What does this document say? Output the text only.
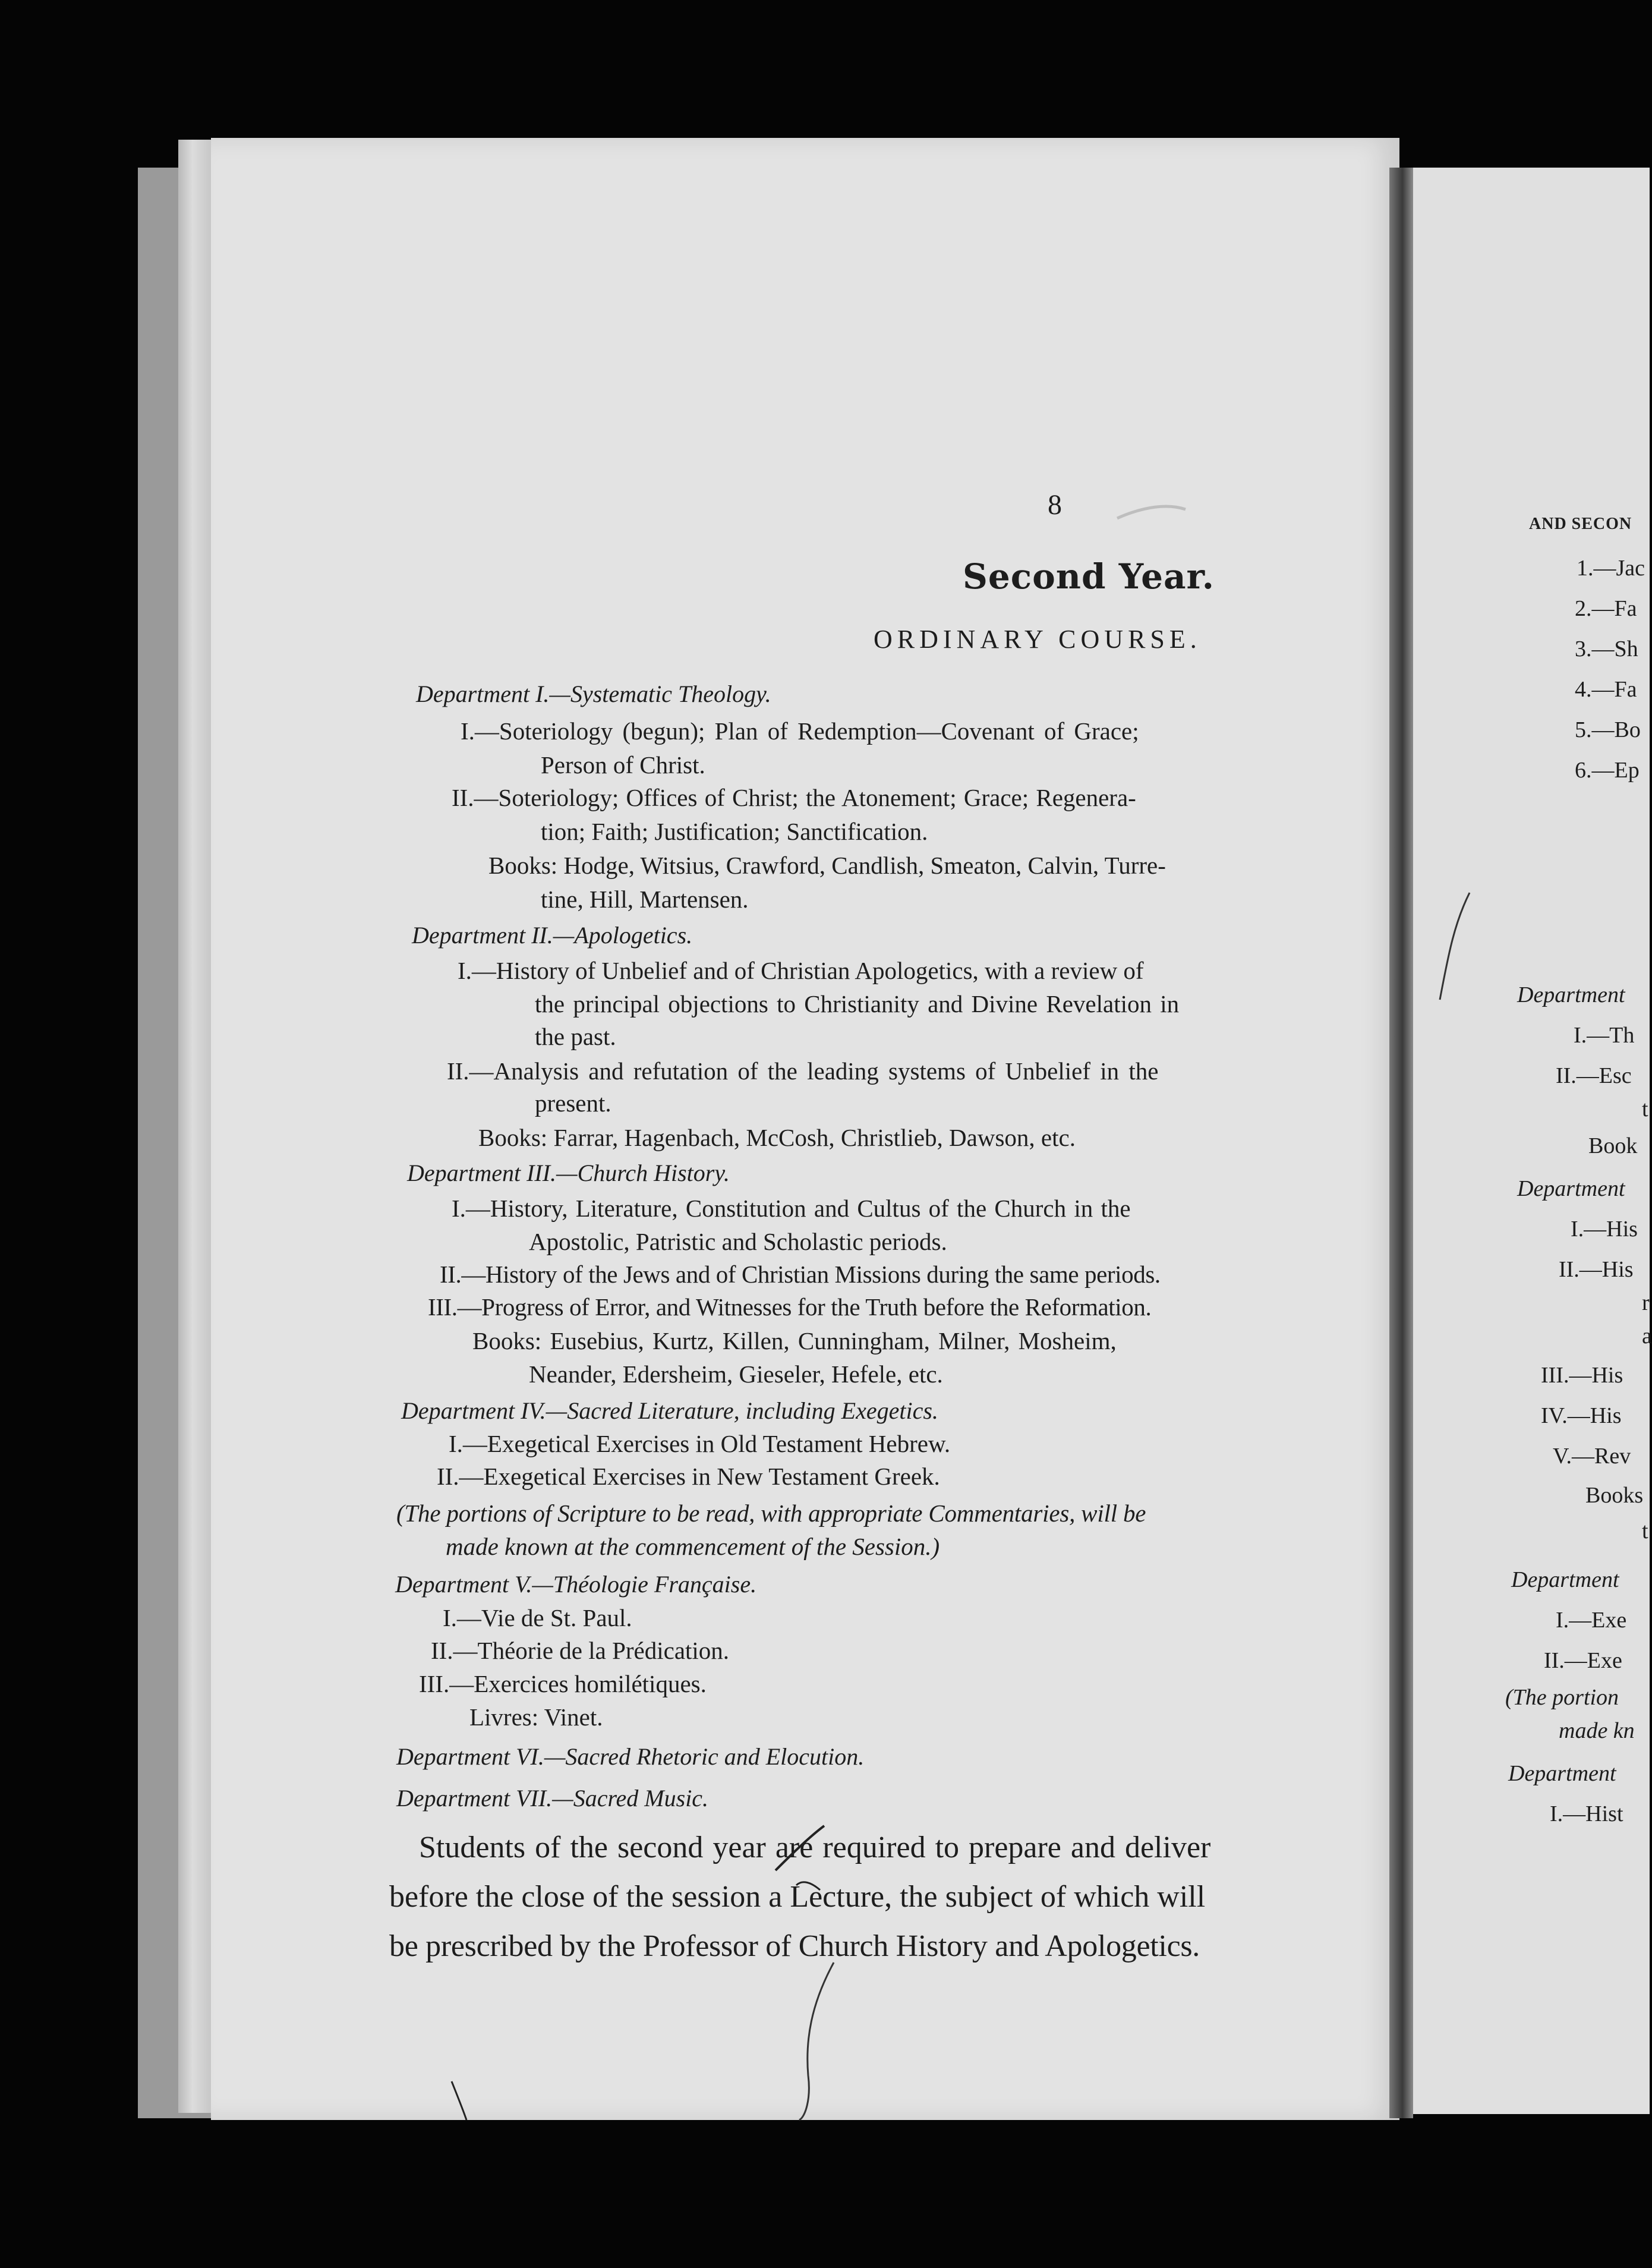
8
Second Year.
ORDINARY COURSE.
Department I.—Systematic Theology.
I.—Soteriology (begun); Plan of Redemption—Covenant of Grace;
Person of Christ.
II.—Soteriology; Offices of Christ; the Atonement; Grace; Regenera-
tion; Faith; Justification; Sanctification.
Books: Hodge, Witsius, Crawford, Candlish, Smeaton, Calvin, Turre-
tine, Hill, Martensen.
Department II.—Apologetics.
I.—History of Unbelief and of Christian Apologetics, with a review of
the principal objections to Christianity and Divine Revelation in
the past.
II.—Analysis and refutation of the leading systems of Unbelief in the
present.
Books: Farrar, Hagenbach, McCosh, Christlieb, Dawson, etc.
Department III.—Church History.
I.—History, Literature, Constitution and Cultus of the Church in the
Apostolic, Patristic and Scholastic periods.
II.—History of the Jews and of Christian Missions during the same periods.
III.—Progress of Error, and Witnesses for the Truth before the Reformation.
Books: Eusebius, Kurtz, Killen, Cunningham, Milner, Mosheim,
Neander, Edersheim, Gieseler, Hefele, etc.
Department IV.—Sacred Literature, including Exegetics.
I.—Exegetical Exercises in Old Testament Hebrew.
II.—Exegetical Exercises in New Testament Greek.
(The portions of Scripture to be read, with appropriate Commentaries, will be
made known at the commencement of the Session.)
Department V.—Théologie Française.
I.—Vie de St. Paul.
II.—Théorie de la Prédication.
III.—Exercices homilétiques.
Livres: Vinet.
Department VI.—Sacred Rhetoric and Elocution.
Department VII.—Sacred Music.
Students of the second year are required to prepare and deliver
before the close of the session a Lecture, the subject of which will
be prescribed by the Professor of Church History and Apologetics.
AND SECON
1.—Jac
2.—Fa
3.—Sh
4.—Fa
5.—Bo
6.—Ep
Department
I.—Th
II.—Esc
t
Book
Department
I.—His
II.—His
r
a
III.—His
IV.—His
V.—Rev
Books
t
Department
I.—Exe
II.—Exe
(The portion
made kn
Department
I.—Hist
